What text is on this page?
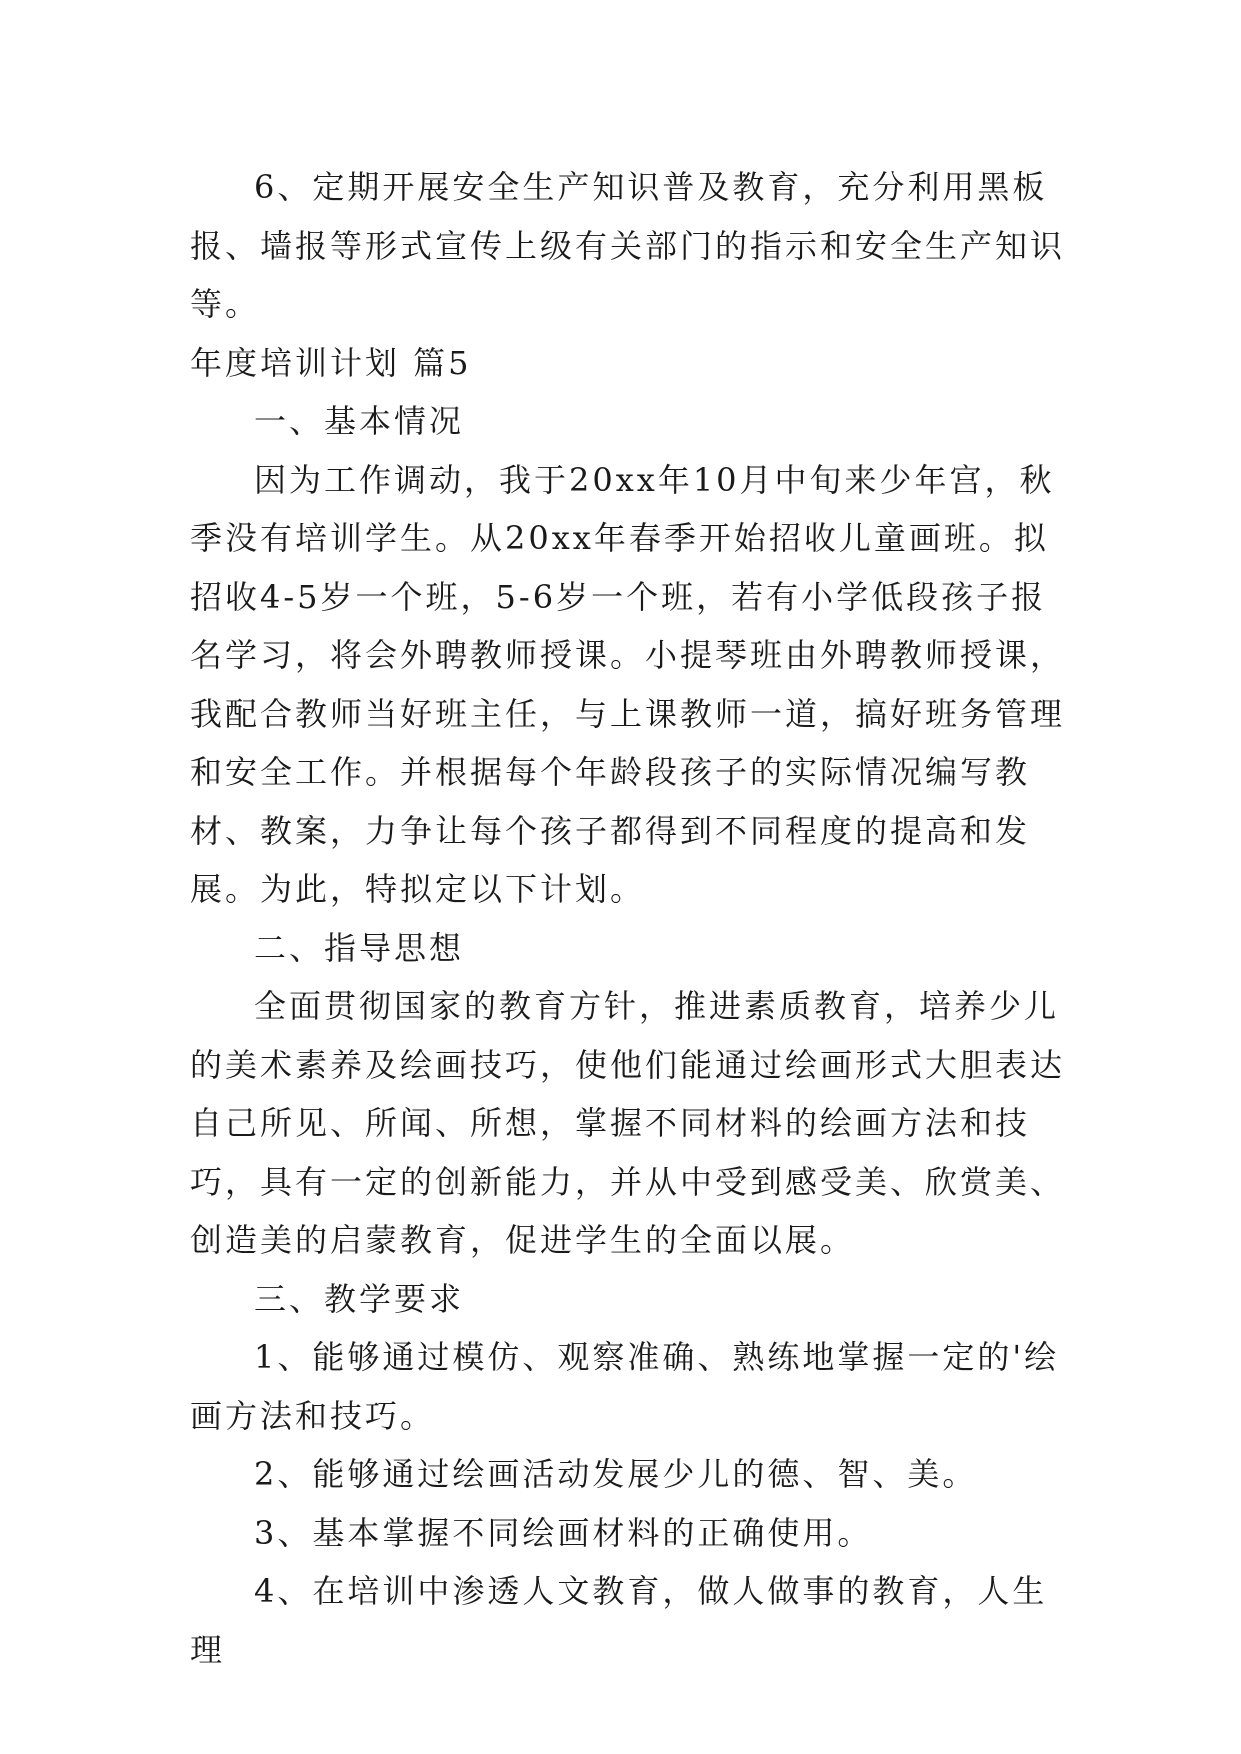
6、定期开展安全生产知识普及教育，充分利用黑板报、墙报等形式宣传上级有关部门的指示和安全生产知识等。

年度培训计划 篇5

一、基本情况

因为工作调动，我于20xx年10月中旬来少年宫，秋季没有培训学生。从20xx年春季开始招收儿童画班。拟招收4-5岁一个班，5-6岁一个班，若有小学低段孩子报名学习，将会外聘教师授课。小提琴班由外聘教师授课，我配合教师当好班主任，与上课教师一道，搞好班务管理和安全工作。并根据每个年龄段孩子的实际情况编写教材、教案，力争让每个孩子都得到不同程度的提高和发展。为此，特拟定以下计划。

二、指导思想

全面贯彻国家的教育方针，推进素质教育，培养少儿的美术素养及绘画技巧，使他们能通过绘画形式大胆表达自己所见、所闻、所想，掌握不同材料的绘画方法和技巧，具有一定的创新能力，并从中受到感受美、欣赏美、创造美的启蒙教育，促进学生的全面以展。

三、教学要求

1、能够通过模仿、观察准确、熟练地掌握一定的'绘画方法和技巧。

2、能够通过绘画活动发展少儿的德、智、美。

3、基本掌握不同绘画材料的正确使用。

4、在培训中渗透人文教育，做人做事的教育，人生理
